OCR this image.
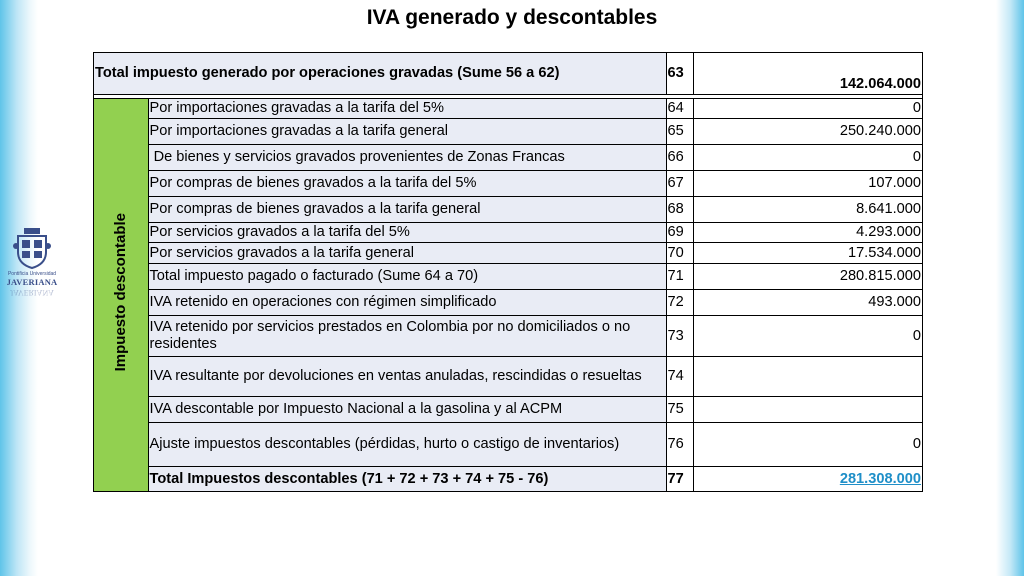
Pontificia Universidad
JAVERIANA
JAVERIANA
IVA generado y descontables
Total impuesto generado por operaciones gravadas (Sume 56 a 62)		63	142.064.000

Impuesto descontable	Por importaciones gravadas a la tarifa del 5%	64	0
	Por importaciones gravadas a la tarifa general	65	250.240.000
	De bienes y servicios gravados provenientes de Zonas Francas	66	0
	Por compras de bienes gravados a la tarifa del 5%	67	107.000
	Por compras de bienes gravados a la tarifa general	68	8.641.000
	Por servicios gravados a la tarifa del 5%	69	4.293.000
	Por servicios gravados a la tarifa general	70	17.534.000
	Total impuesto pagado o facturado (Sume 64 a 70)	71	280.815.000
	IVA retenido en operaciones con régimen simplificado	72	493.000
	IVA retenido por servicios prestados en Colombia por no domiciliados o no residentes	73	0
	IVA resultante por devoluciones en ventas anuladas, rescindidas o resueltas	74	
	IVA descontable por Impuesto Nacional a la gasolina y al ACPM	75	
	Ajuste impuestos descontables (pérdidas, hurto o castigo de inventarios)	76	0
	Total Impuestos descontables (71 + 72 + 73 + 74 + 75 - 76)	77	281.308.000
